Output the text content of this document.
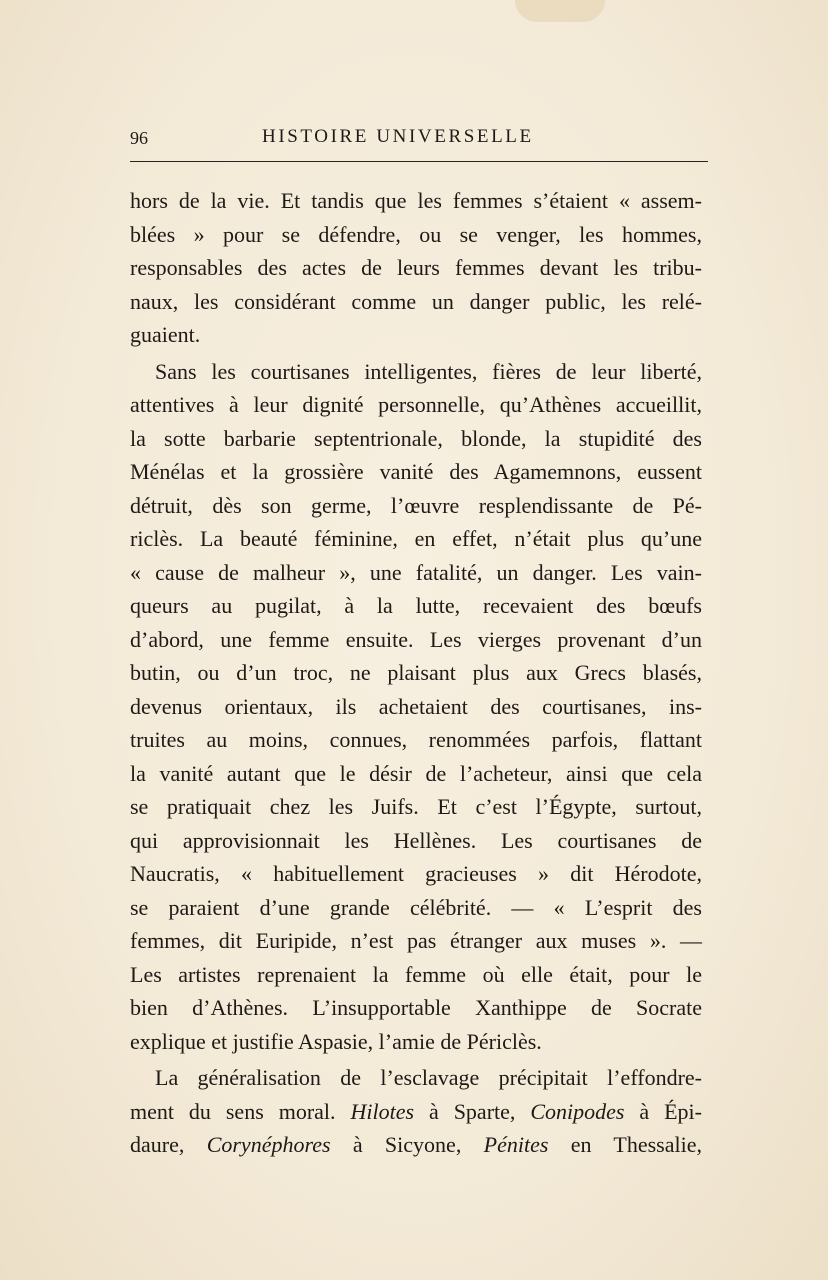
96	HISTOIRE UNIVERSELLE
hors de la vie. Et tandis que les femmes s’étaient « assem-
blées » pour se défendre, ou se venger, les hommes,
responsables des actes de leurs femmes devant les tribu-
naux, les considérant comme un danger public, les relé-
guaient.
Sans les courtisanes intelligentes, fières de leur liberté,
attentives à leur dignité personnelle, qu’Athènes accueillit,
la sotte barbarie septentrionale, blonde, la stupidité des
Ménélas et la grossière vanité des Agamemnons, eussent
détruit, dès son germe, l’œuvre resplendissante de Pé-
riclès. La beauté féminine, en effet, n’était plus qu’une
« cause de malheur », une fatalité, un danger. Les vain-
queurs au pugilat, à la lutte, recevaient des bœufs
d’abord, une femme ensuite. Les vierges provenant d’un
butin, ou d’un troc, ne plaisant plus aux Grecs blasés,
devenus orientaux, ils achetaient des courtisanes, ins-
truites au moins, connues, renommées parfois, flattant
la vanité autant que le désir de l’acheteur, ainsi que cela
se pratiquait chez les Juifs. Et c’est l’Égypte, surtout,
qui approvisionnait les Hellènes. Les courtisanes de
Naucratis, « habituellement gracieuses » dit Hérodote,
se paraient d’une grande célébrité. — « L’esprit des
femmes, dit Euripide, n’est pas étranger aux muses ». —
Les artistes reprenaient la femme où elle était, pour le
bien d’Athènes. L’insupportable Xanthippe de Socrate
explique et justifie Aspasie, l’amie de Périclès.
La généralisation de l’esclavage précipitait l’effondre-
ment du sens moral. Hilotes à Sparte, Conipodes à Épi-
daure, Corynéphores à Sicyone, Pénites en Thessalie,
